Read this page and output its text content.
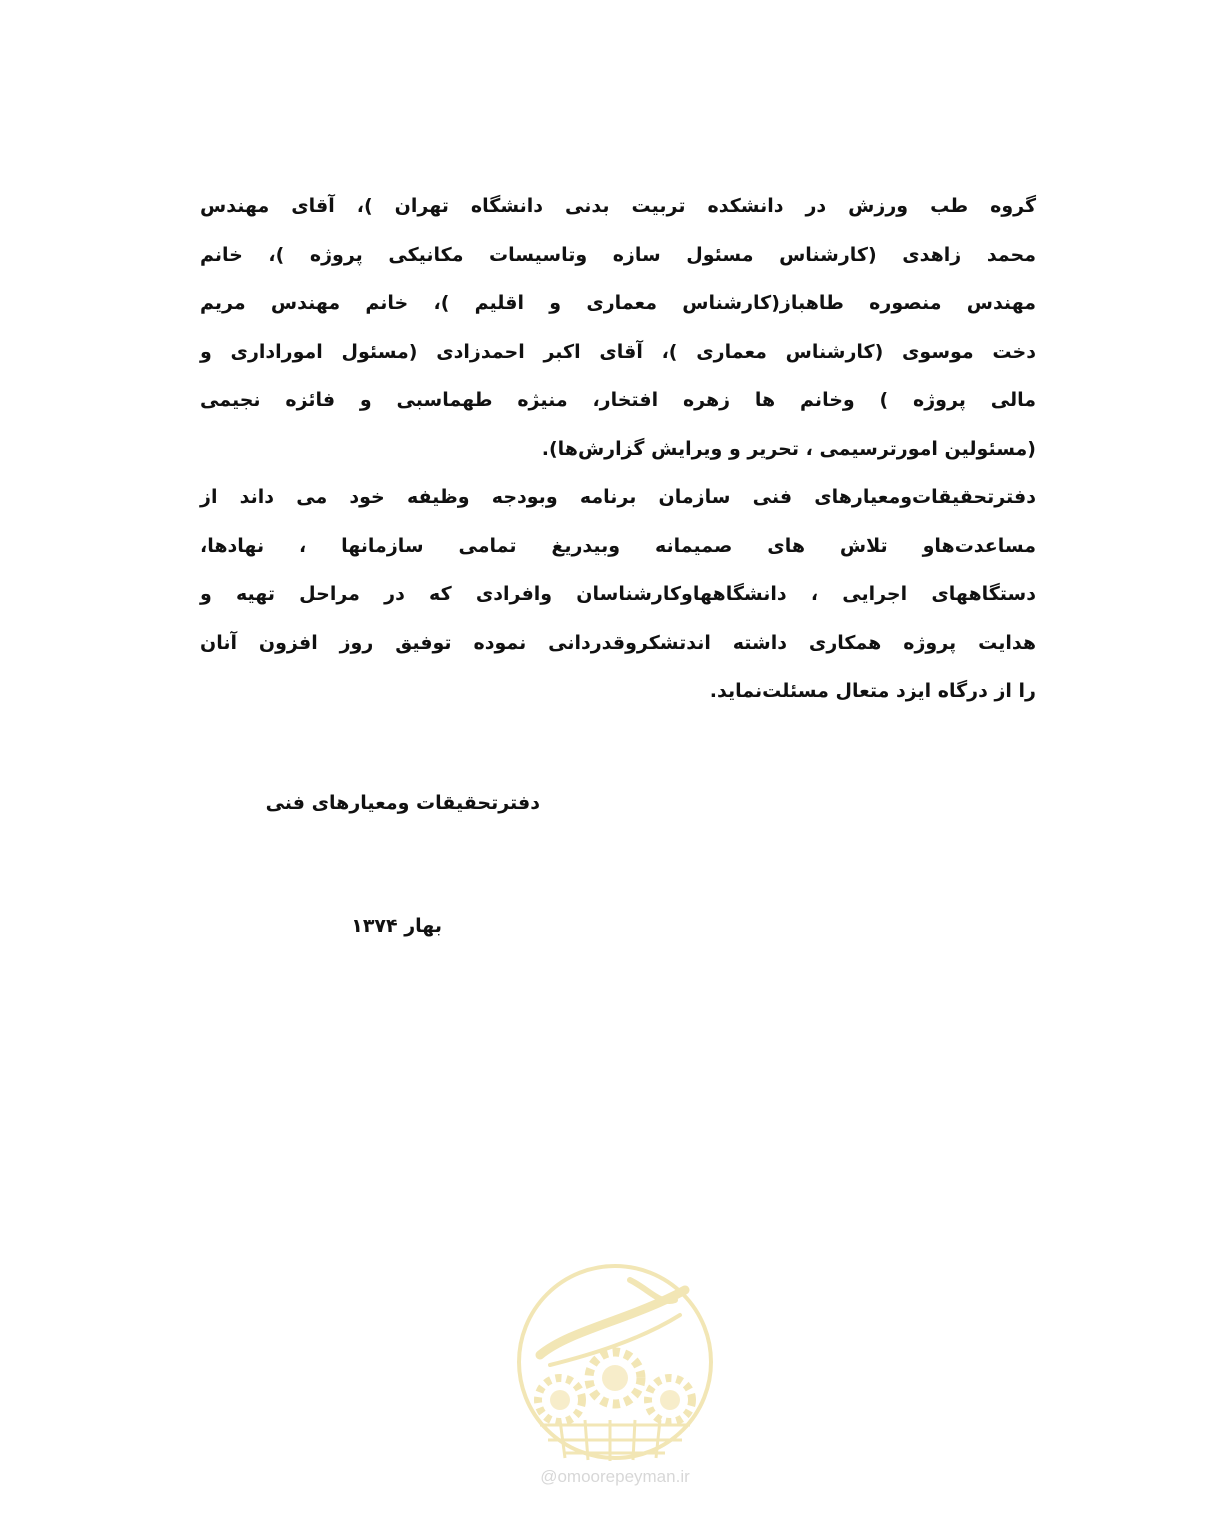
گروه طب ورزش در دانشکده تربیت بدنی دانشگاه تهران )، آقای مهندس
محمد زاهدی (کارشناس مسئول سازه وتاسیسات مکانیکی پروژه )، خانم
مهندس منصوره طاهباز(کارشناس معماری و اقلیم )، خانم مهندس مریم
دخت موسوی (کارشناس معماری )، آقای اکبر احمدزادی (مسئول اموراداری و
مالی پروژه ) وخانم ها زهره افتخار، منیژه طهماسبی و فائزه نجیمی
(مسئولین امورترسیمی ، تحریر و ویرایش گزارش‌ها).
دفترتحقیقات‌ومعیارهای فنی سازمان برنامه وبودجه وظیفه خود می داند از
مساعدت‌هاو تلاش های صمیمانه وبیدریغ تمامی سازمانها ، نهادها،
دستگاههای اجرایی ، دانشگاههاوکارشناسان وافرادی که در مراحل تهیه و
هدایت پروژه همکاری داشته اندتشکروقدردانی نموده توفیق روز افزون آنان
را از درگاه ایزد متعال مسئلت‌نماید.
دفترتحقیقات ومعیارهای فنی
بهار ۱۳۷۴
@omoorepeyman.ir
